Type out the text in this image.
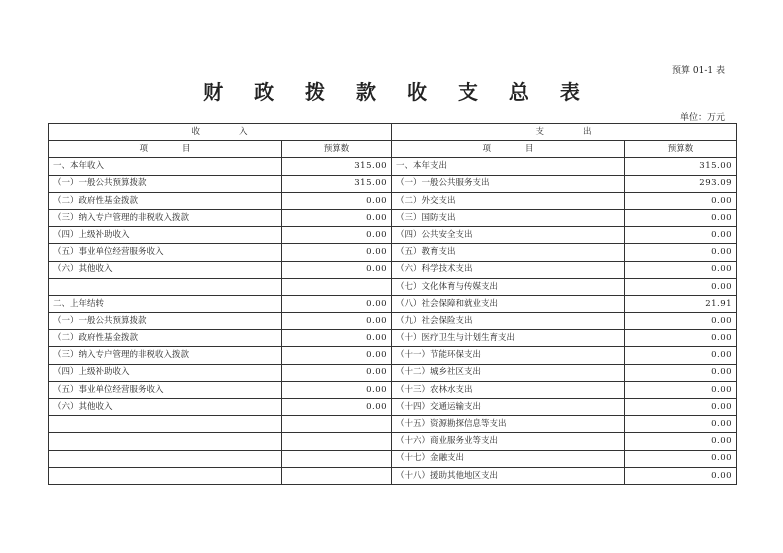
预算 01-1 表
财 政 拨 款 收 支 总 表
单位：万元
收　　　　入		支　　　　出	
项　　　　目	预算数	项　　　　目	预算数
一、本年收入	315.00	一、本年支出	315.00
（一）一般公共预算拨款	315.00	（一）一般公共服务支出	293.09
（二）政府性基金拨款	0.00	（二）外交支出	0.00
（三）纳入专户管理的非税收入拨款	0.00	（三）国防支出	0.00
（四）上级补助收入	0.00	（四）公共安全支出	0.00
（五）事业单位经营服务收入	0.00	（五）教育支出	0.00
（六）其他收入	0.00	（六）科学技术支出	0.00
		（七）文化体育与传媒支出	0.00
二、上年结转	0.00	（八）社会保障和就业支出	21.91
（一）一般公共预算拨款	0.00	（九）社会保险支出	0.00
（二）政府性基金拨款	0.00	（十）医疗卫生与计划生育支出	0.00
（三）纳入专户管理的非税收入拨款	0.00	（十一）节能环保支出	0.00
（四）上级补助收入	0.00	（十二）城乡社区支出	0.00
（五）事业单位经营服务收入	0.00	（十三）农林水支出	0.00
（六）其他收入	0.00	（十四）交通运输支出	0.00
		（十五）资源勘探信息等支出	0.00
		（十六）商业服务业等支出	0.00
		（十七）金融支出	0.00
		（十八）援助其他地区支出	0.00
